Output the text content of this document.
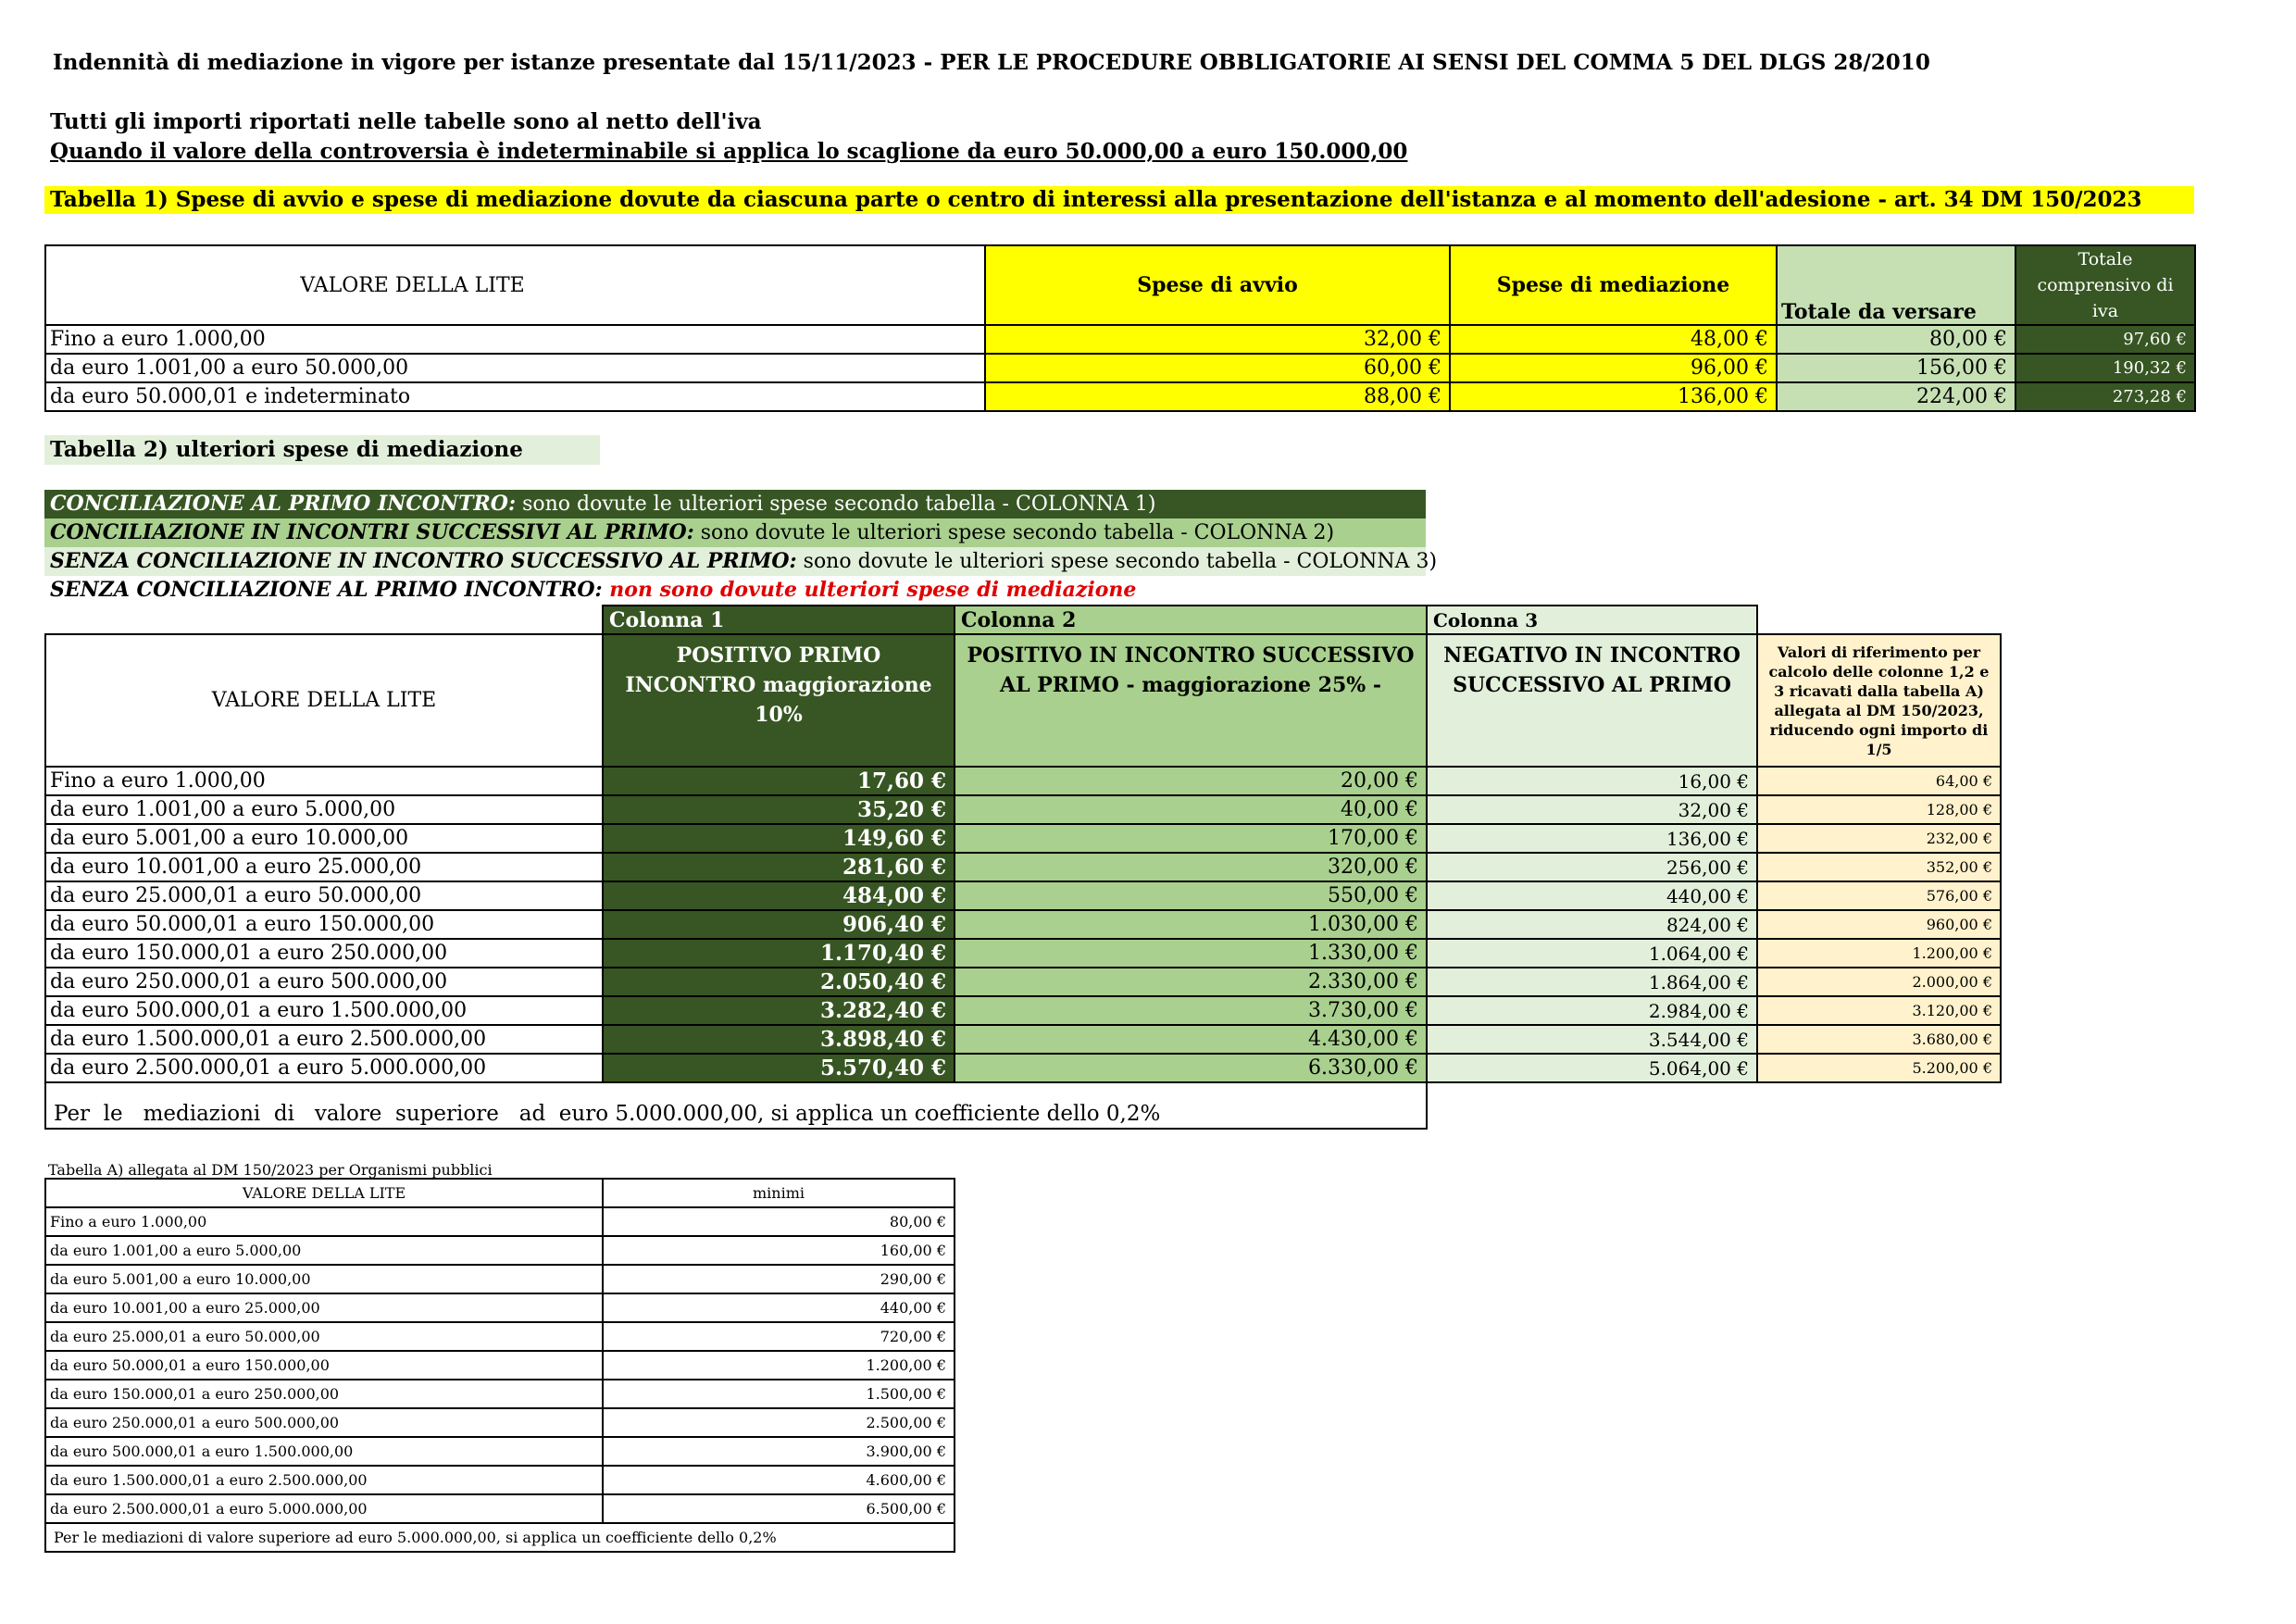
Indennità di mediazione in vigore per istanze presentate dal 15/11/2023 - PER LE PROCEDURE OBBLIGATORIE AI SENSI DEL COMMA 5 DEL DLGS 28/2010
Tutti gli importi riportati nelle tabelle sono al netto dell'iva
Quando il valore della controversia è indeterminabile si applica lo scaglione da euro 50.000,00 a euro 150.000,00
Tabella 1) Spese di avvio e spese di mediazione dovute da ciascuna parte o centro di interessi alla presentazione dell'istanza e al momento dell'adesione - art. 34 DM 150/2023
VALORE DELLA LITE	Spese di avvio	Spese di mediazione	Totale da versare	Totale comprensivo di iva
Fino a euro 1.000,00	32,00 €	48,00 €	80,00 €	97,60 €
da euro 1.001,00 a euro 50.000,00	60,00 €	96,00 €	156,00 €	190,32 €
da euro 50.000,01 e indeterminato	88,00 €	136,00 €	224,00 €	273,28 €
Tabella 2) ulteriori spese di mediazione
CONCILIAZIONE AL PRIMO INCONTRO: sono dovute le ulteriori spese secondo tabella - COLONNA 1)
CONCILIAZIONE IN INCONTRI SUCCESSIVI AL PRIMO: sono dovute le ulteriori spese secondo tabella - COLONNA 2)
SENZA CONCILIAZIONE IN INCONTRO SUCCESSIVO AL PRIMO: sono dovute le ulteriori spese secondo tabella - COLONNA 3)
SENZA CONCILIAZIONE AL PRIMO INCONTRO: non sono dovute ulteriori spese di mediazione
	Colonna 1	Colonna 2	Colonna 3	
VALORE DELLA LITE	POSITIVO PRIMO INCONTRO maggiorazione 10%	POSITIVO IN INCONTRO SUCCESSIVO AL PRIMO - maggiorazione 25% -	NEGATIVO IN INCONTRO SUCCESSIVO AL PRIMO	Valori di riferimento per calcolo delle colonne 1,2 e 3 ricavati dalla tabella A) allegata al DM 150/2023, riducendo ogni importo di 1/5
Fino a euro 1.000,00	17,60 €	20,00 €	16,00 €	64,00 €
da euro 1.001,00 a euro 5.000,00	35,20 €	40,00 €	32,00 €	128,00 €
da euro 5.001,00 a euro 10.000,00	149,60 €	170,00 €	136,00 €	232,00 €
da euro 10.001,00 a euro 25.000,00	281,60 €	320,00 €	256,00 €	352,00 €
da euro 25.000,01 a euro 50.000,00	484,00 €	550,00 €	440,00 €	576,00 €
da euro 50.000,01 a euro 150.000,00	906,40 €	1.030,00 €	824,00 €	960,00 €
da euro 150.000,01 a euro 250.000,00	1.170,40 €	1.330,00 €	1.064,00 €	1.200,00 €
da euro 250.000,01 a euro 500.000,00	2.050,40 €	2.330,00 €	1.864,00 €	2.000,00 €
da euro 500.000,01 a euro 1.500.000,00	3.282,40 €	3.730,00 €	2.984,00 €	3.120,00 €
da euro 1.500.000,01 a euro 2.500.000,00	3.898,40 €	4.430,00 €	3.544,00 €	3.680,00 €
da euro 2.500.000,01 a euro 5.000.000,00	5.570,40 €	6.330,00 €	5.064,00 €	5.200,00 €
Per  le   mediazioni  di   valore  superiore   ad  euro 5.000.000,00, si applica un coefficiente dello 0,2%				
Tabella A) allegata al DM 150/2023 per Organismi pubblici
VALORE DELLA LITE	minimi
Fino a euro 1.000,00	80,00 €
da euro 1.001,00 a euro 5.000,00	160,00 €
da euro 5.001,00 a euro 10.000,00	290,00 €
da euro 10.001,00 a euro 25.000,00	440,00 €
da euro 25.000,01 a euro 50.000,00	720,00 €
da euro 50.000,01 a euro 150.000,00	1.200,00 €
da euro 150.000,01 a euro 250.000,00	1.500,00 €
da euro 250.000,01 a euro 500.000,00	2.500,00 €
da euro 500.000,01 a euro 1.500.000,00	3.900,00 €
da euro 1.500.000,01 a euro 2.500.000,00	4.600,00 €
da euro 2.500.000,01 a euro 5.000.000,00	6.500,00 €
Per le mediazioni di valore superiore ad euro 5.000.000,00, si applica un coefficiente dello 0,2%	
